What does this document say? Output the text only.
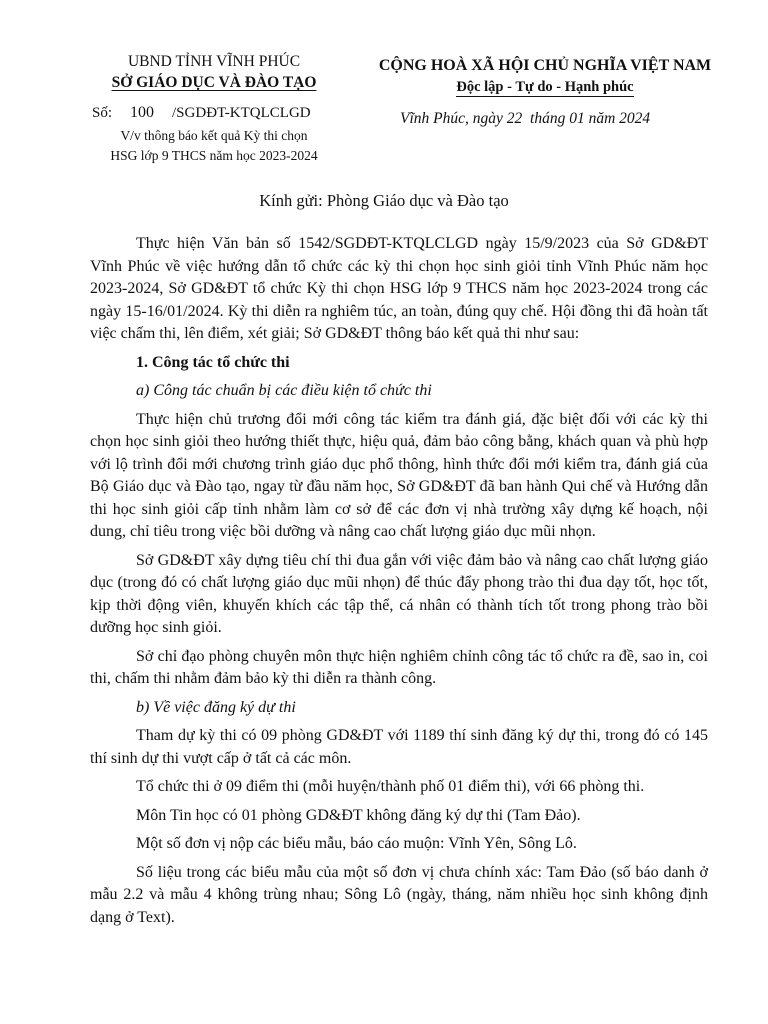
UBND TỈNH VĨNH PHÚC
SỞ GIÁO DỤC VÀ ĐÀO TẠO
Số: 100 /SGDĐT-KTQLCLGD
V/v thông báo kết quả Kỳ thi chọn
HSG lớp 9 THCS năm học 2023-2024
CỘNG HOÀ XÃ HỘI CHỦ NGHĨA VIỆT NAM
Độc lập - Tự do - Hạnh phúc
Vĩnh Phúc, ngày 22 tháng 01 năm 2024
Kính gửi: Phòng Giáo dục và Đào tạo

Thực hiện Văn bản số 1542/SGDĐT-KTQLCLGD ngày 15/9/2023 của Sở GD&ĐT Vĩnh Phúc về việc hướng dẫn tổ chức các kỳ thi chọn học sinh giỏi tỉnh Vĩnh Phúc năm học 2023-2024, Sở GD&ĐT tổ chức Kỳ thi chọn HSG lớp 9 THCS năm học 2023-2024 trong các ngày 15-16/01/2024. Kỳ thi diễn ra nghiêm túc, an toàn, đúng quy chế. Hội đồng thi đã hoàn tất việc chấm thi, lên điểm, xét giải; Sở GD&ĐT thông báo kết quả thi như sau:

1. Công tác tổ chức thi
a) Công tác chuẩn bị các điều kiện tổ chức thi

Thực hiện chủ trương đổi mới công tác kiểm tra đánh giá, đặc biệt đối với các kỳ thi chọn học sinh giỏi theo hướng thiết thực, hiệu quả, đảm bảo công bằng, khách quan và phù hợp với lộ trình đổi mới chương trình giáo dục phổ thông, hình thức đổi mới kiểm tra, đánh giá của Bộ Giáo dục và Đào tạo, ngay từ đầu năm học, Sở GD&ĐT đã ban hành Qui chế và Hướng dẫn thi học sinh giỏi cấp tỉnh nhằm làm cơ sở để các đơn vị nhà trường xây dựng kế hoạch, nội dung, chỉ tiêu trong việc bồi dưỡng và nâng cao chất lượng giáo dục mũi nhọn.

Sở GD&ĐT xây dựng tiêu chí thi đua gắn với việc đảm bảo và nâng cao chất lượng giáo dục (trong đó có chất lượng giáo dục mũi nhọn) để thúc đẩy phong trào thi đua dạy tốt, học tốt, kịp thời động viên, khuyến khích các tập thể, cá nhân có thành tích tốt trong phong trào bồi dưỡng học sinh giỏi.

Sở chỉ đạo phòng chuyên môn thực hiện nghiêm chỉnh công tác tổ chức ra đề, sao in, coi thi, chấm thi nhằm đảm bảo kỳ thi diễn ra thành công.

b) Về việc đăng ký dự thi

Tham dự kỳ thi có 09 phòng GD&ĐT với 1189 thí sinh đăng ký dự thi, trong đó có 145 thí sinh dự thi vượt cấp ở tất cả các môn.

Tổ chức thi ở 09 điểm thi (mỗi huyện/thành phố 01 điểm thi), với 66 phòng thi.

Môn Tin học có 01 phòng GD&ĐT không đăng ký dự thi (Tam Đảo).

Một số đơn vị nộp các biểu mẫu, báo cáo muộn: Vĩnh Yên, Sông Lô.

Số liệu trong các biểu mẫu của một số đơn vị chưa chính xác: Tam Đảo (số báo danh ở mẫu 2.2 và mẫu 4 không trùng nhau; Sông Lô (ngày, tháng, năm nhiều học sinh không định dạng ở Text).
